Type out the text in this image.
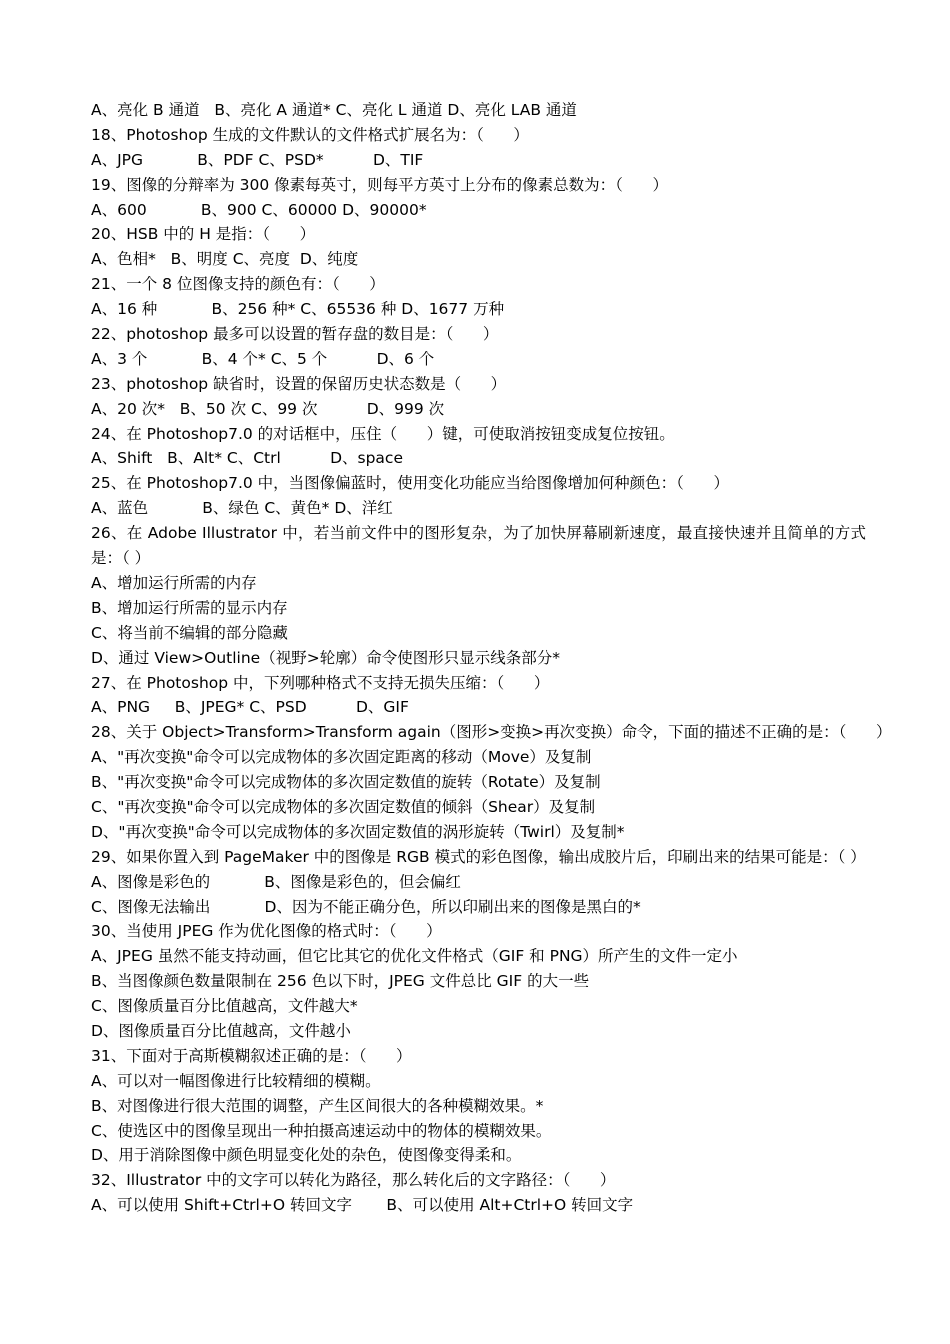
A、亮化 B 通道   B、亮化 A 通道* C、亮化 L 通道 D、亮化 LAB 通道
18、Photoshop 生成的文件默认的文件格式扩展名为：（      ）
A、JPG           B、PDF C、PSD*          D、TIF
19、图像的分辩率为 300 像素每英寸，则每平方英寸上分布的像素总数为：（      ）
A、600           B、900 C、60000 D、90000*
20、HSB 中的 H 是指：（      ）
A、色相*   B、明度 C、亮度  D、纯度
21、一个 8 位图像支持的颜色有：（      ）
A、16 种           B、256 种* C、65536 种 D、1677 万种
22、photoshop 最多可以设置的暂存盘的数目是：（      ）
A、3 个           B、4 个* C、5 个          D、6 个
23、photoshop 缺省时，设置的保留历史状态数是（      ）
A、20 次*   B、50 次 C、99 次          D、999 次
24、在 Photoshop7.0 的对话框中，压住（      ）键，可使取消按钮变成复位按钮。
A、Shift   B、Alt* C、Ctrl          D、space
25、在 Photoshop7.0 中，当图像偏蓝时，使用变化功能应当给图像增加何种颜色：（      ）
A、蓝色           B、绿色 C、黄色* D、洋红
26、在 Adobe Illustrator 中，若当前文件中的图形复杂，为了加快屏幕刷新速度，最直接快速并且简单的方式是：（ ）
A、增加运行所需的内存
B、增加运行所需的显示内存
C、将当前不编辑的部分隐藏
D、通过 View>Outline（视野>轮廓）命令使图形只显示线条部分*
27、在 Photoshop 中，下列哪种格式不支持无损失压缩：（      ）
A、PNG     B、JPEG* C、PSD          D、GIF
28、关于 Object>Transform>Transform again（图形>变换>再次变换）命令，下面的描述不正确的是：（      ）
A、"再次变换"命令可以完成物体的多次固定距离的移动（Move）及复制
B、"再次变换"命令可以完成物体的多次固定数值的旋转（Rotate）及复制
C、"再次变换"命令可以完成物体的多次固定数值的倾斜（Shear）及复制
D、"再次变换"命令可以完成物体的多次固定数值的涡形旋转（Twirl）及复制*
29、如果你置入到 PageMaker 中的图像是 RGB 模式的彩色图像，输出成胶片后，印刷出来的结果可能是：（ ）
A、图像是彩色的           B、图像是彩色的，但会偏红
C、图像无法输出           D、因为不能正确分色，所以印刷出来的图像是黑白的*
30、当使用 JPEG 作为优化图像的格式时：（      ）
A、JPEG 虽然不能支持动画，但它比其它的优化文件格式（GIF 和 PNG）所产生的文件一定小
B、当图像颜色数量限制在 256 色以下时，JPEG 文件总比 GIF 的大一些
C、图像质量百分比值越高，文件越大*
D、图像质量百分比值越高，文件越小
31、下面对于高斯模糊叙述正确的是：（      ）
A、可以对一幅图像进行比较精细的模糊。
B、对图像进行很大范围的调整，产生区间很大的各种模糊效果。*
C、使选区中的图像呈现出一种拍摄高速运动中的物体的模糊效果。
D、用于消除图像中颜色明显变化处的杂色，使图像变得柔和。
32、Illustrator 中的文字可以转化为路径，那么转化后的文字路径：（      ）
A、可以使用 Shift+Ctrl+O 转回文字       B、可以使用 Alt+Ctrl+O 转回文字
